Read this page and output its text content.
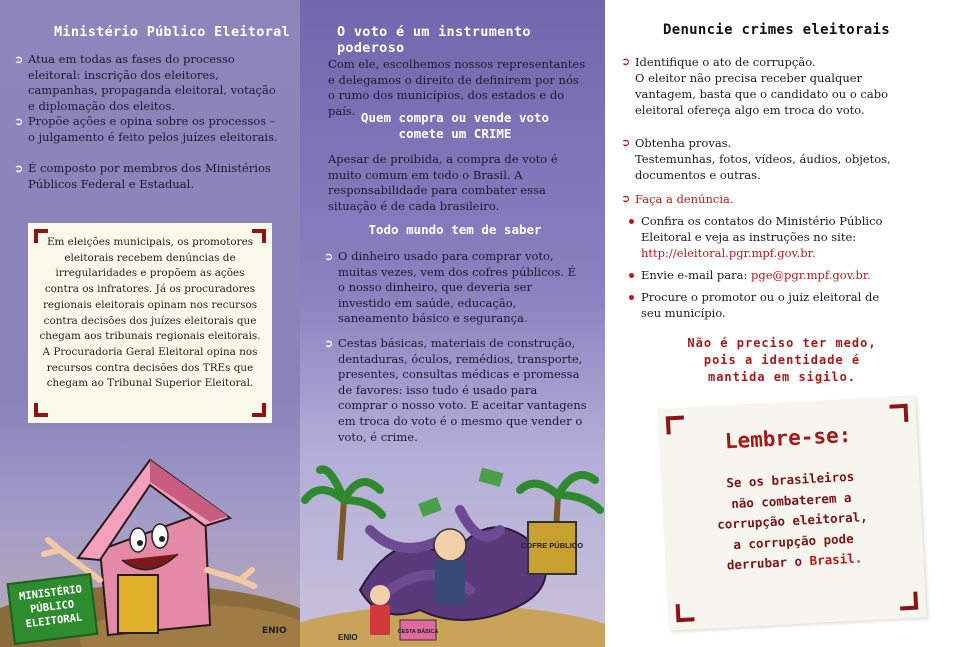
Ministério Público Eleitoral
➲ Atua em todas as fases do processo eleitoral: inscrição dos eleitores, campanhas, propaganda eleitoral, votação e diplomação dos eleitos.
➲ Propõe ações e opina sobre os processos – o julgamento é feito pelos juízes eleitorais.
➲ É composto por membros dos Ministérios Públicos Federal e Estadual.
Em eleições municipais, os promotores eleitorais recebem denúncias de irregularidades e propõem as ações contra os infratores. Já os procuradores regionais eleitorais opinam nos recursos contra decisões dos juízes eleitorais que chegam aos tribunais regionais eleitorais. A Procuradoria Geral Eleitoral opina nos recursos contra decisões dos TREs que chegam ao Tribunal Superior Eleitoral.
MINISTÉRIO
PÚBLICO
ELEITORAL
ENIO
O voto é um instrumento poderoso
Com ele, escolhemos nossos representantes e delegamos o direito de definirem por nós o rumo dos municípios, dos estados e do país. Quem compra ou vende voto
comete um CRIME
Apesar de proibida, a compra de voto é muito comum em todo o Brasil. A responsabilidade para combater essa situação é de cada brasileiro.
Todo mundo tem de saber
➲ O dinheiro usado para comprar voto, muitas vezes, vem dos cofres públicos. É o nosso dinheiro, que deveria ser investido em saúde, educação, saneamento básico e segurança.
➲ Cestas básicas, materiais de construção, dentaduras, óculos, remédios, transporte, presentes, consultas médicas e promessa de favores: isso tudo é usado para comprar o nosso voto. E aceitar vantagens em troca do voto é o mesmo que vender o voto, é crime.
COFRE PÚBLICO
CESTA BÁSICA
ENIO
Denuncie crimes eleitorais
➲ Identifique o ato de corrupção.
O eleitor não precisa receber qualquer vantagem, basta que o candidato ou o cabo eleitoral ofereça algo em troca do voto.
➲ Obtenha provas.
Testemunhas, fotos, vídeos, áudios, objetos, documentos e outras.
➲ Faça a denúncia.
Confira os contatos do Ministério Público Eleitoral e veja as instruções no site: http://eleitoral.pgr.mpf.gov.br.
Envie e-mail para: pge@pgr.mpf.gov.br.
Procure o promotor ou o juiz eleitoral de seu município.
Não é preciso ter medo,
pois a identidade é
mantida em sigilo.
Lembre-se:
Se os brasileiros
não combaterem a
corrupção eleitoral,
a corrupção pode
derrubar o Brasil.
